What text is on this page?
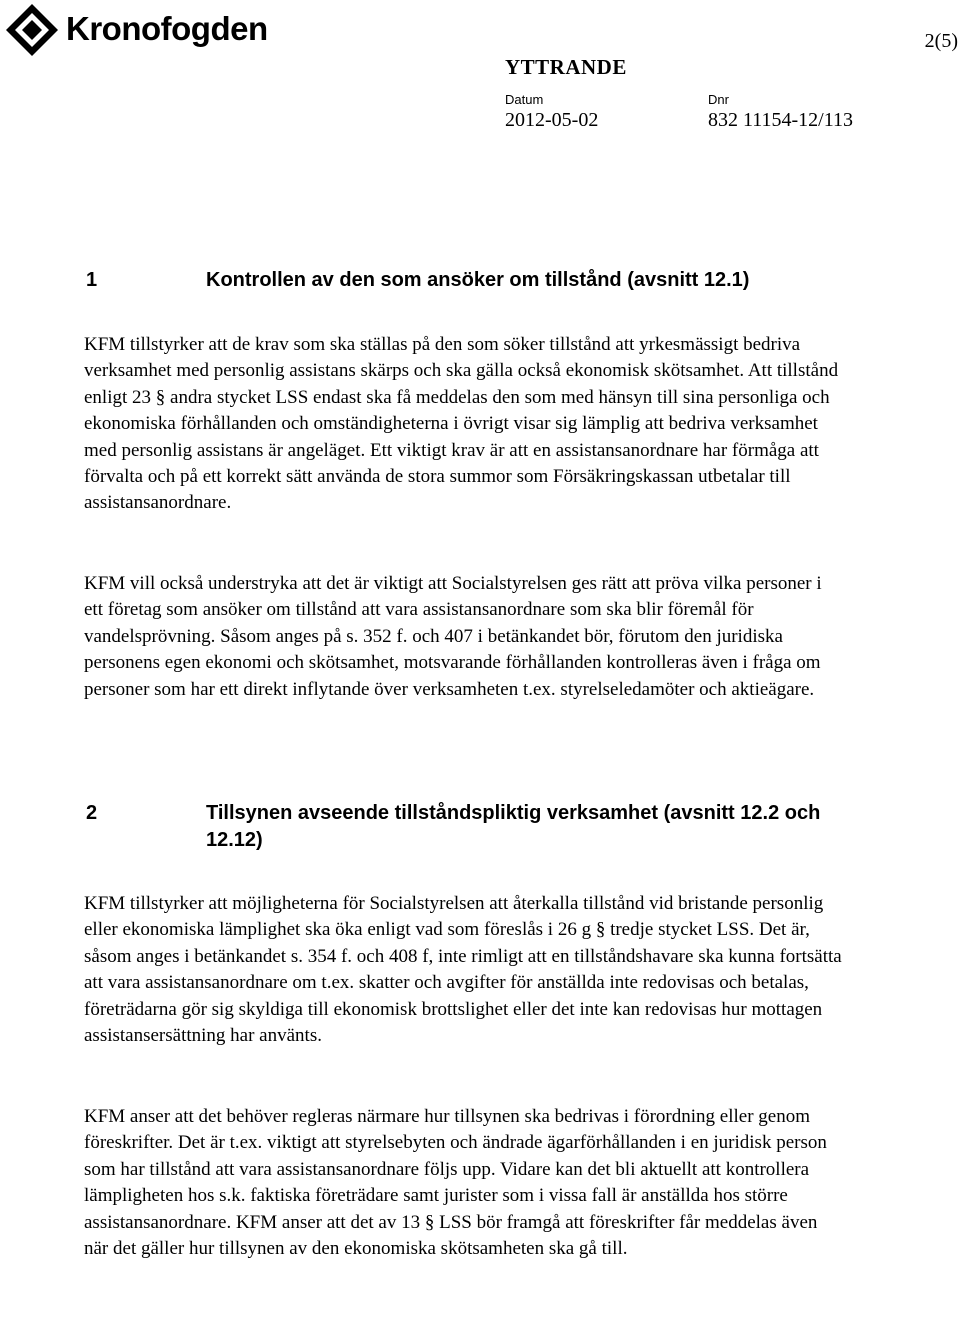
Kronofogden	2(5)
YTTRANDE
Datum
2012-05-02
Dnr
832 11154-12/113
1	Kontrollen av den som ansöker om tillstånd (avsnitt 12.1)

KFM tillstyrker att de krav som ska ställas på den som söker tillstånd att yrkesmässigt bedriva verksamhet med personlig assistans skärps och ska gälla också ekonomisk skötsamhet. Att tillstånd enligt 23 § andra stycket LSS endast ska få meddelas den som med hänsyn till sina personliga och ekonomiska förhållanden och omständigheterna i övrigt visar sig lämplig att bedriva verksamhet med personlig assistans är angeläget. Ett viktigt krav är att en assistansanordnare har förmåga att förvalta och på ett korrekt sätt använda de stora summor som Försäkringskassan utbetalar till assistansanordnare.

KFM vill också understryka att det är viktigt att Socialstyrelsen ges rätt att pröva vilka personer i ett företag som ansöker om tillstånd att vara assistansanordnare som ska blir föremål för vandelsprövning. Såsom anges på s. 352 f. och 407 i betänkandet bör, förutom den juridiska personens egen ekonomi och skötsamhet, motsvarande förhållanden kontrolleras även i fråga om personer som har ett direkt inflytande över verksamheten t.ex. styrelseledamöter och aktieägare.

2	Tillsynen avseende tillståndspliktig verksamhet (avsnitt 12.2 och 12.12)

KFM tillstyrker att möjligheterna för Socialstyrelsen att återkalla tillstånd vid bristande personlig eller ekonomiska lämplighet ska öka enligt vad som föreslås i 26 g § tredje stycket LSS. Det är, såsom anges i betänkandet s. 354 f. och 408 f, inte rimligt att en tillståndshavare ska kunna fortsätta att vara assistansanordnare om t.ex. skatter och avgifter för anställda inte redovisas och betalas, företrädarna gör sig skyldiga till ekonomisk brottslighet eller det inte kan redovisas hur mottagen assistansersättning har använts.

KFM anser att det behöver regleras närmare hur tillsynen ska bedrivas i förordning eller genom föreskrifter. Det är t.ex. viktigt att styrelsebyten och ändrade ägarförhållanden i en juridisk person som har tillstånd att vara assistansanordnare följs upp. Vidare kan det bli aktuellt att kontrollera lämpligheten hos s.k. faktiska företrädare samt jurister som i vissa fall är anställda hos större assistansanordnare. KFM anser att det av 13 § LSS bör framgå att föreskrifter får meddelas även när det gäller hur tillsynen av den ekonomiska skötsamheten ska gå till.
